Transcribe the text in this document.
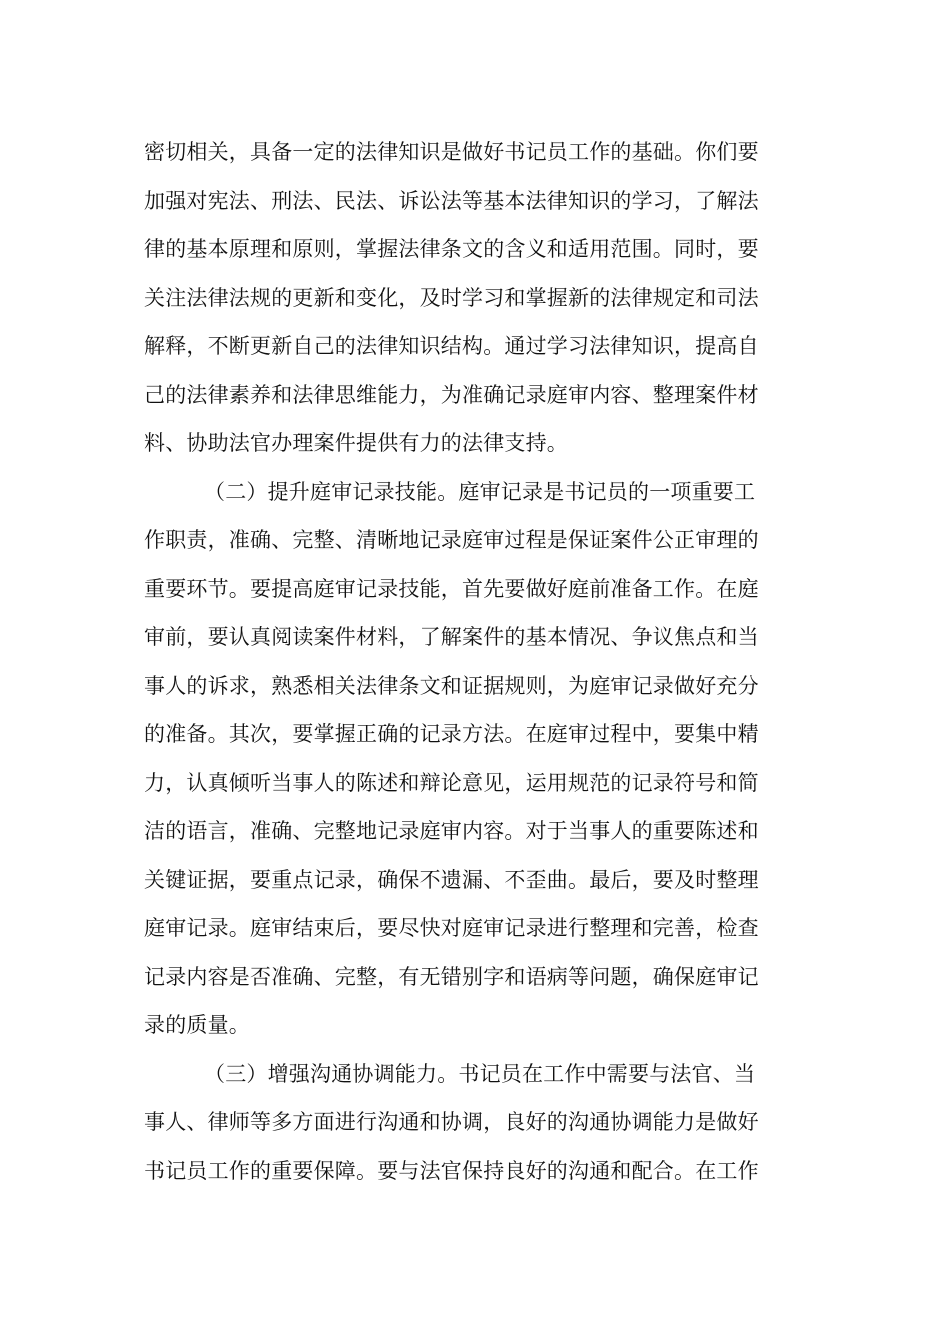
密切相关，具备一定的法律知识是做好书记员工作的基础。你们要
加强对宪法、刑法、民法、诉讼法等基本法律知识的学习，了解法
律的基本原理和原则，掌握法律条文的含义和适用范围。同时，要
关注法律法规的更新和变化，及时学习和掌握新的法律规定和司法
解释，不断更新自己的法律知识结构。通过学习法律知识，提高自
己的法律素养和法律思维能力，为准确记录庭审内容、整理案件材
料、协助法官办理案件提供有力的法律支持。
（二）提升庭审记录技能。庭审记录是书记员的一项重要工
作职责，准确、完整、清晰地记录庭审过程是保证案件公正审理的
重要环节。要提高庭审记录技能，首先要做好庭前准备工作。在庭
审前，要认真阅读案件材料，了解案件的基本情况、争议焦点和当
事人的诉求，熟悉相关法律条文和证据规则，为庭审记录做好充分
的准备。其次，要掌握正确的记录方法。在庭审过程中，要集中精
力，认真倾听当事人的陈述和辩论意见，运用规范的记录符号和简
洁的语言，准确、完整地记录庭审内容。对于当事人的重要陈述和
关键证据，要重点记录，确保不遗漏、不歪曲。最后，要及时整理
庭审记录。庭审结束后，要尽快对庭审记录进行整理和完善，检查
记录内容是否准确、完整，有无错别字和语病等问题，确保庭审记
录的质量。
（三）增强沟通协调能力。书记员在工作中需要与法官、当
事人、律师等多方面进行沟通和协调，良好的沟通协调能力是做好
书记员工作的重要保障。要与法官保持良好的沟通和配合。在工作
